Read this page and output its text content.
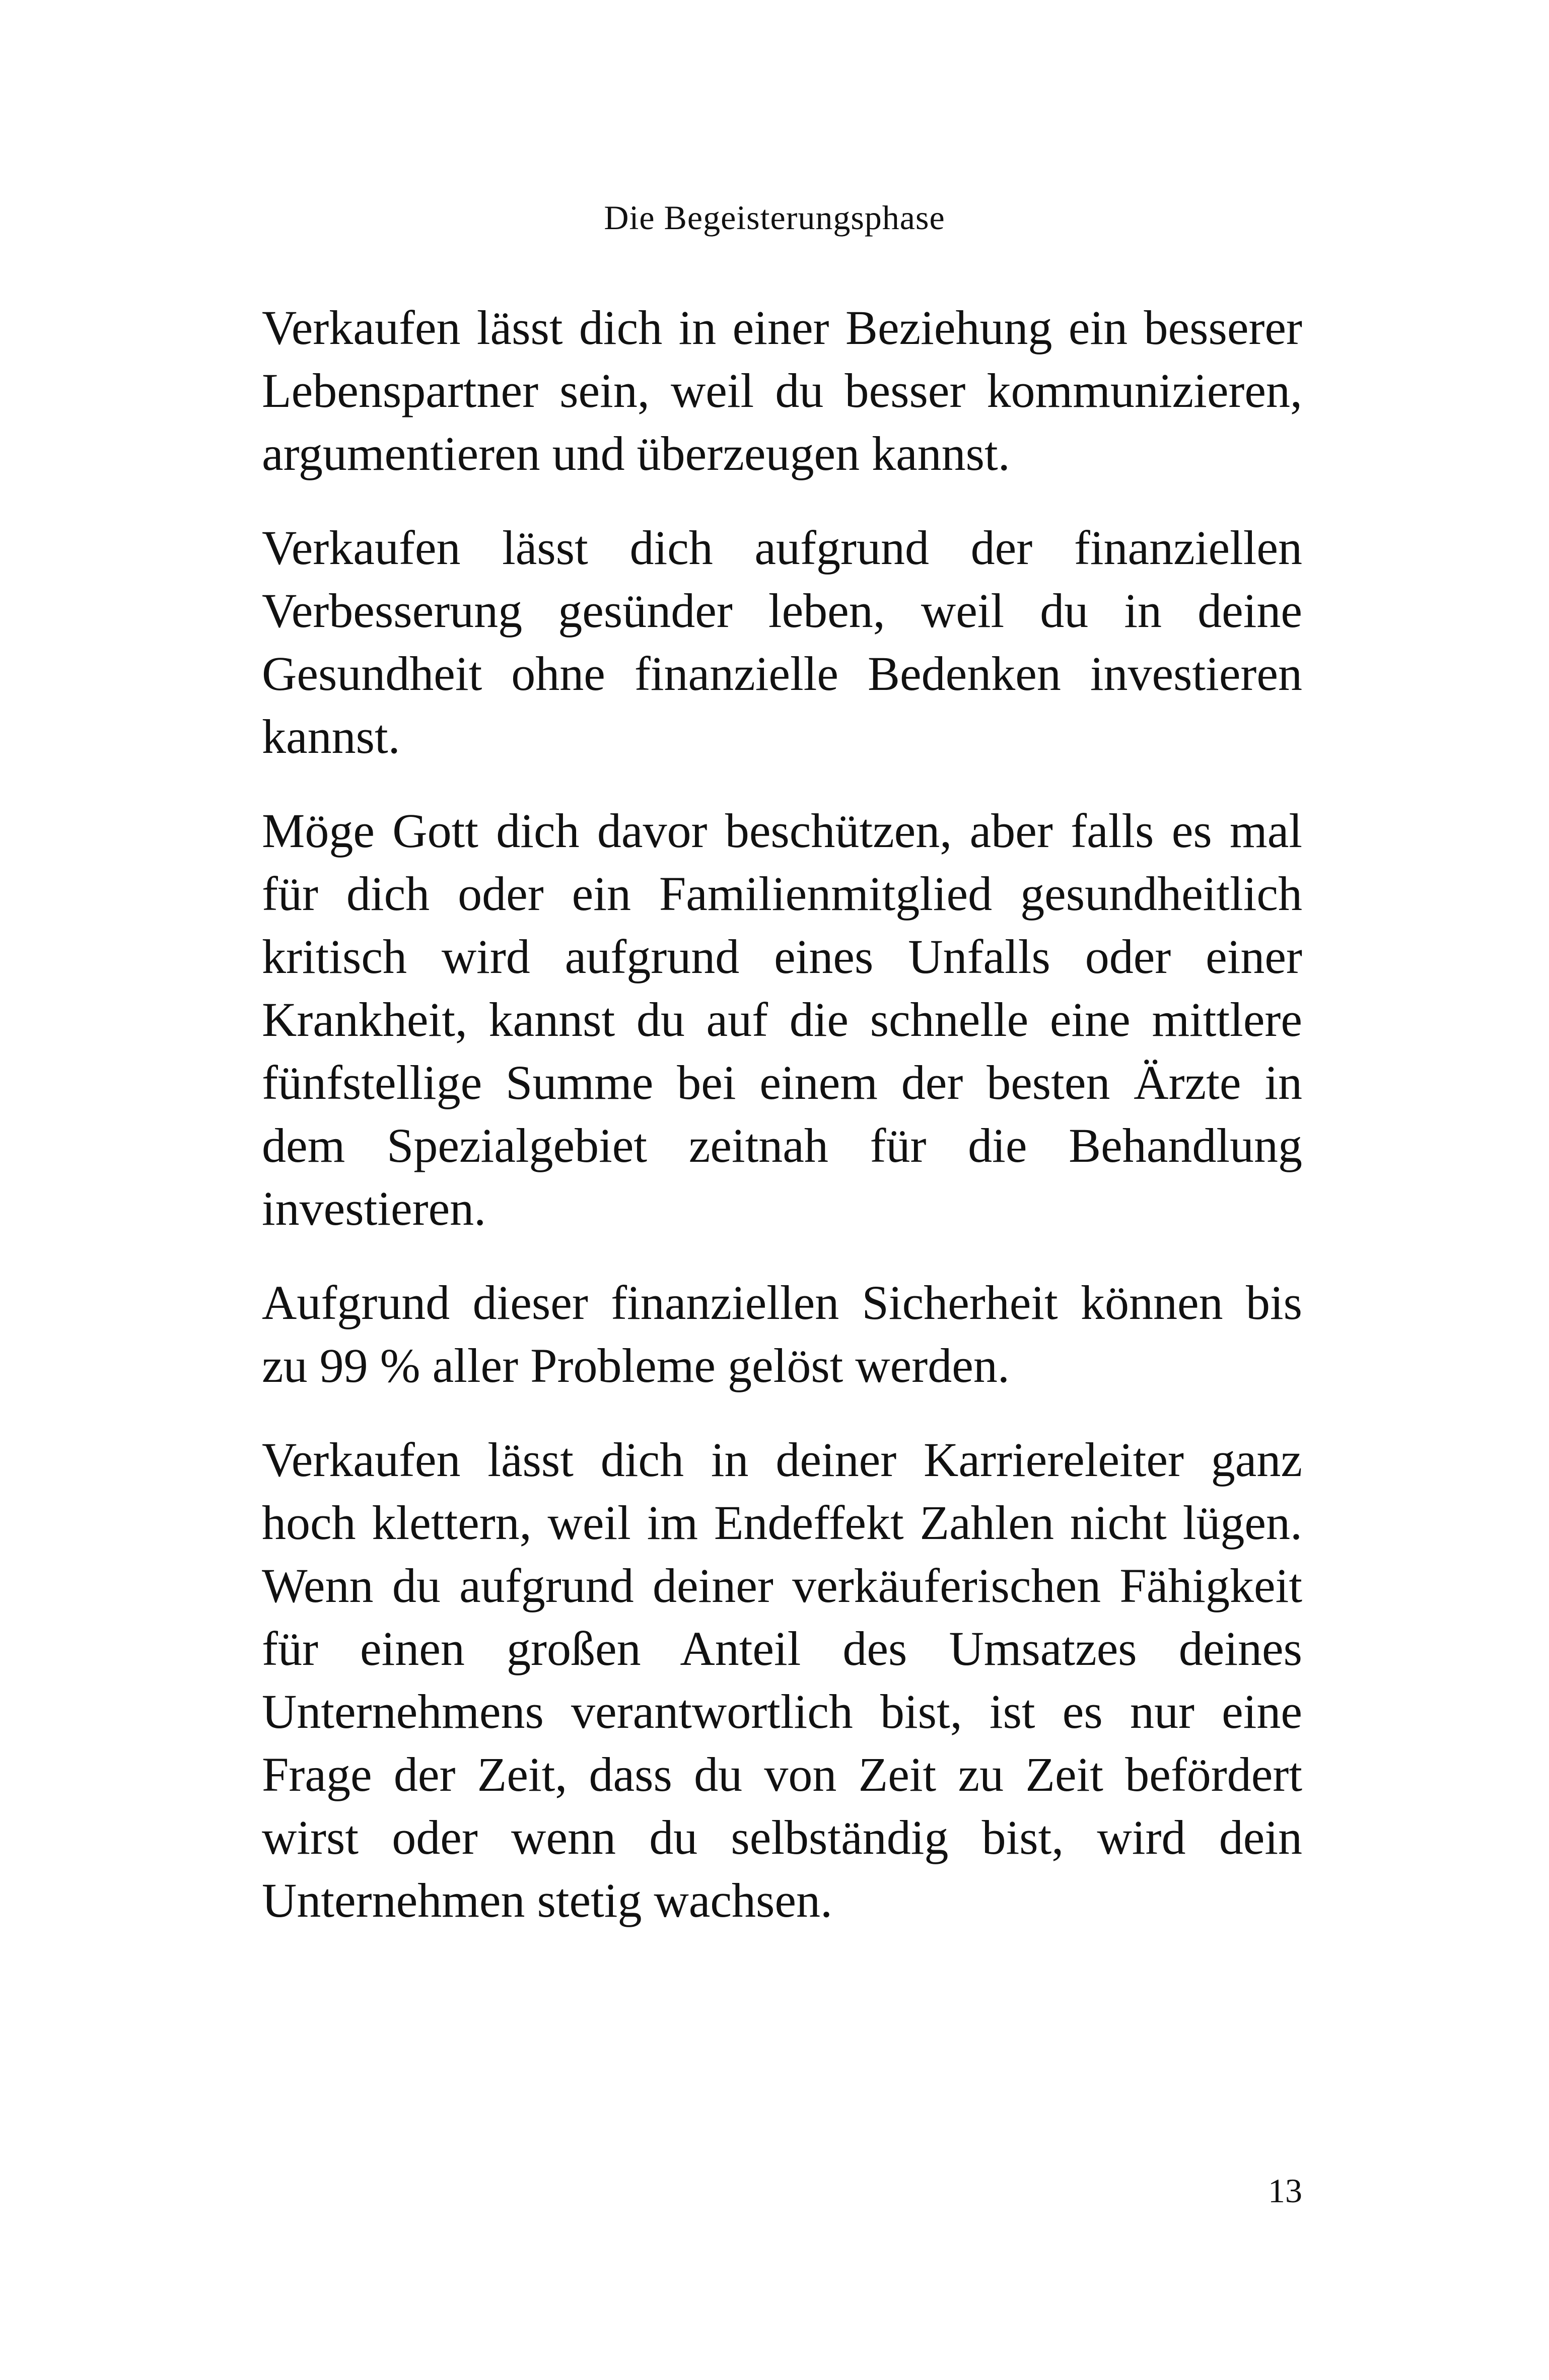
Die Begeisterungsphase

Verkaufen lässt dich in einer Beziehung ein besserer Lebenspartner sein, weil du besser kommunizieren, argumentieren und überzeugen kannst.

Verkaufen lässt dich aufgrund der finanziellen Verbesserung gesünder leben, weil du in deine Gesundheit ohne finanzielle Bedenken investieren kannst.

Möge Gott dich davor beschützen, aber falls es mal für dich oder ein Familienmitglied gesundheitlich kritisch wird aufgrund eines Unfalls oder einer Krankheit, kannst du auf die schnelle eine mittlere fünfstellige Summe bei einem der besten Ärzte in dem Spezialgebiet zeitnah für die Behandlung investieren.

Aufgrund dieser finanziellen Sicherheit können bis zu 99 % aller Probleme gelöst werden.

Verkaufen lässt dich in deiner Karriereleiter ganz hoch klettern, weil im Endeffekt Zahlen nicht lügen. Wenn du aufgrund deiner verkäuferischen Fähigkeit für einen großen Anteil des Umsatzes deines Unternehmens verantwortlich bist, ist es nur eine Frage der Zeit, dass du von Zeit zu Zeit befördert wirst oder wenn du selbständig bist, wird dein Unternehmen stetig wachsen.

13
